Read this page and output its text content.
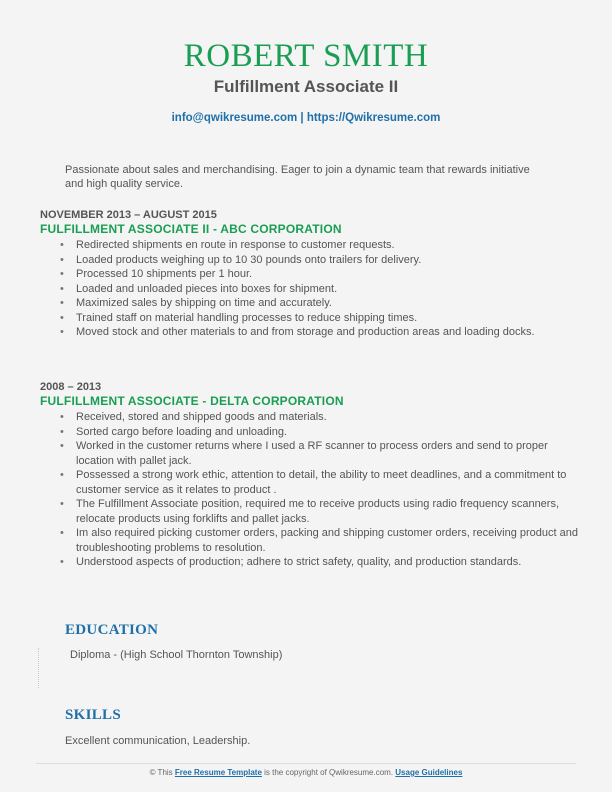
ROBERT SMITH
Fulfillment Associate II
info@qwikresume.com | https://Qwikresume.com
Passionate about sales and merchandising. Eager to join a dynamic team that rewards initiative and high quality service.
NOVEMBER 2013 – AUGUST 2015
FULFILLMENT ASSOCIATE II - ABC CORPORATION
• Redirected shipments en route in response to customer requests.
• Loaded products weighing up to 10 30 pounds onto trailers for delivery.
• Processed 10 shipments per 1 hour.
• Loaded and unloaded pieces into boxes for shipment.
• Maximized sales by shipping on time and accurately.
• Trained staff on material handling processes to reduce shipping times.
• Moved stock and other materials to and from storage and production areas and loading docks.
2008 – 2013
FULFILLMENT ASSOCIATE - DELTA CORPORATION
• Received, stored and shipped goods and materials.
• Sorted cargo before loading and unloading.
• Worked in the customer returns where I used a RF scanner to process orders and send to proper location with pallet jack.
• Possessed a strong work ethic, attention to detail, the ability to meet deadlines, and a commitment to customer service as it relates to product .
• The Fulfillment Associate position, required me to receive products using radio frequency scanners, relocate products using forklifts and pallet jacks.
• Im also required picking customer orders, packing and shipping customer orders, receiving product and troubleshooting problems to resolution.
• Understood aspects of production; adhere to strict safety, quality, and production standards.
EDUCATION
Diploma - (High School Thornton Township)
SKILLS
Excellent communication, Leadership.
© This Free Resume Template is the copyright of Qwikresume.com. Usage Guidelines
